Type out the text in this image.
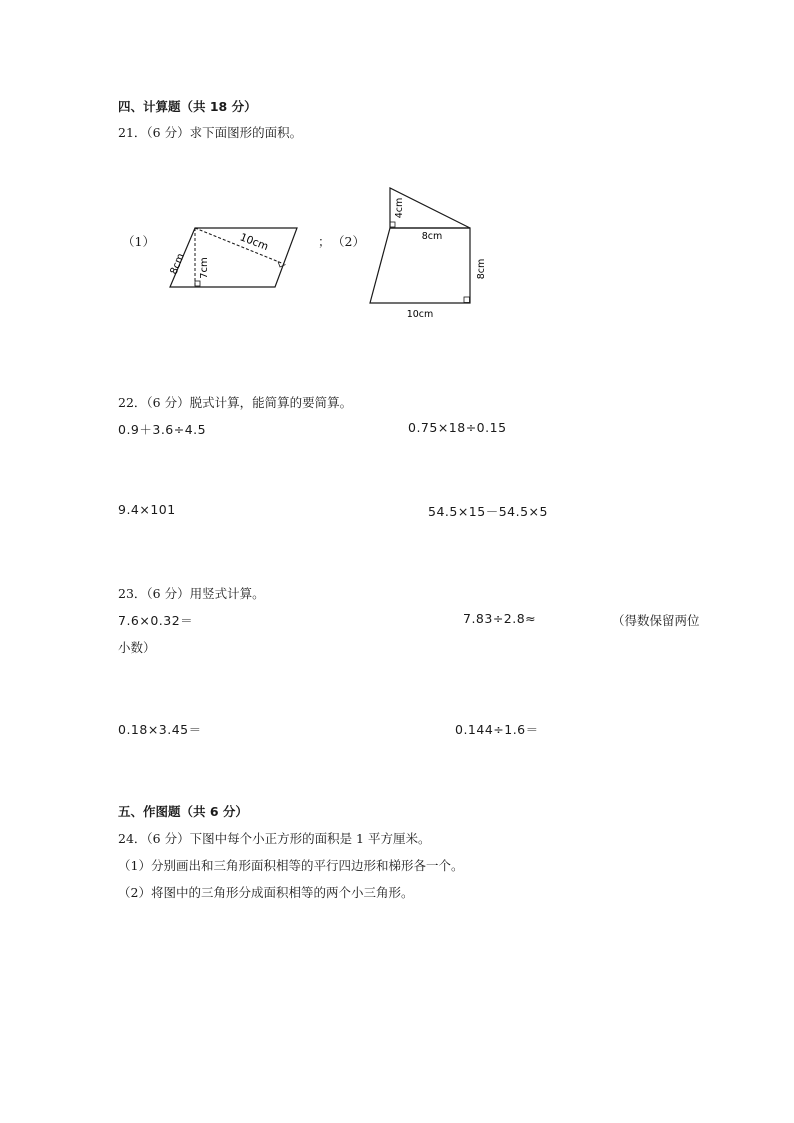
四、计算题（共 18 分）
21．（6 分）求下面图形的面积。
（1）
8cm 7cm
10cm	； （2）
4cm
8cm
8cm
10cm
22．（6 分）脱式计算，能简算的要简算。
0.9＋3.6÷4.5	0.75×18÷0.15
9.4×101	54.5×15－54.5×5
23．（6 分）用竖式计算。
7.6×0.32＝	7.83÷2.8≈	（得数保留两位
小数）
0.18×3.45＝	0.144÷1.6＝
五、作图题（共 6 分）
24．（6 分）下图中每个小正方形的面积是 1 平方厘米。
（1）分别画出和三角形面积相等的平行四边形和梯形各一个。
（2）将图中的三角形分成面积相等的两个小三角形。
